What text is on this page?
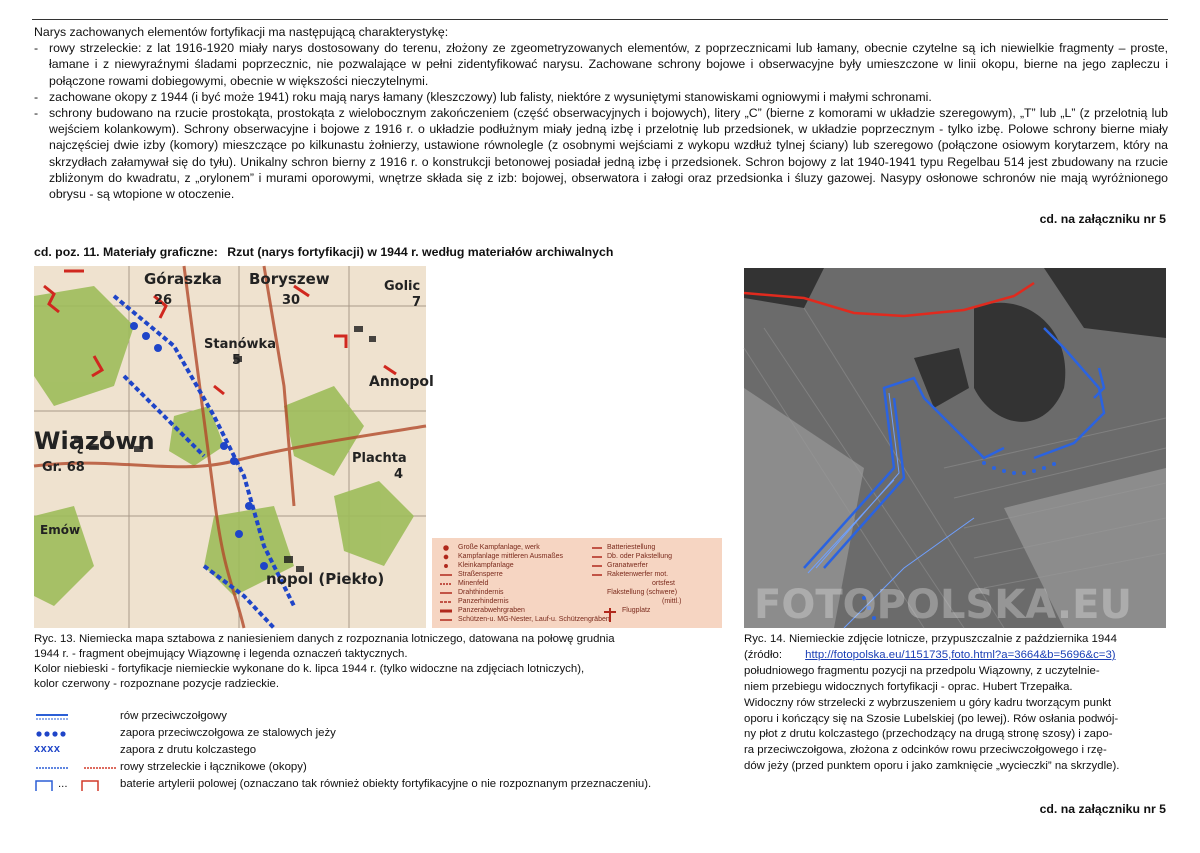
Narys zachowanych elementów fortyfikacji ma następującą charakterystykę:

- rowy strzeleckie: z lat 1916-1920 miały narys dostosowany do terenu, złożony ze zgeometryzowanych elementów, z poprzecznicami lub łamany, obecnie czytelne są ich niewielkie fragmenty – proste, łamane i z niewyraźnymi śladami poprzecznic, nie pozwalające w pełni zidentyfikować narysu. Zachowane schrony bojowe i obserwacyjne były umieszczone w linii okopu, bierne na jego zapleczu i połączone rowami dobiegowymi, obecnie w większości nieczytelnymi.
- zachowane okopy z 1944 (i być może 1941) roku mają narys łamany (kleszczowy) lub falisty, niektóre z wysuniętymi stanowiskami ogniowymi i małymi schronami.
- schrony budowano na rzucie prostokąta, prostokąta z wielobocznym zakończeniem (część obserwacyjnych i bojowych), litery „C” (bierne z komorami w układzie szeregowym), „T” lub „L” (z przelotnią lub wejściem kolankowym). Schrony obserwacyjne i bojowe z 1916 r. o układzie podłużnym miały jedną izbę i przelotnię lub przedsionek, w układzie poprzecznym - tylko izbę. Polowe schrony bierne miały najczęściej dwie izby (komory) mieszczące po kilkunastu żołnierzy, ustawione równolegle (z osobnymi wejściami z wykopu wzdłuż tylnej ściany) lub szeregowo (połączone osiowym korytarzem, który na skrzydłach załamywał się do tyłu). Unikalny schron bierny z 1916 r. o konstrukcji betonowej posiadał jedną izbę i przedsionek. Schron bojowy z lat 1940-1941 typu Regelbau 514 jest zbudowany na rzucie zbliżonym do kwadratu, z „orylonem” i murami oporowymi, wnętrze składa się z izb: bojowej, obserwatora i załogi oraz przedsionka i śluzy gazowej. Nasypy osłonowe schronów nie mają wyróżnionego obrysu - są wtopione w otoczenie.
cd. na załączniku nr 5
cd. poz. 11. Materiały graficzne: Rzut (narys fortyfikacji) w 1944 r. według materiałów archiwalnych
Góraszka Boryszew
26	30
Golic
7
Stanówka
5
Annopol
Wiązown
Gr. 68
Plachta
4
nopol (Piekło)
Emów
Große Kampfanlage, werk
Kampfanlage mittleren Ausmaßes
Kleinkampfanlage
Straßensperre
Minenfeld
Drahthindernis
Panzerhindernis
Panzerabwehrgraben
Schützen-u. MG-Nester, Lauf-u. Schützengräben
Batteriestellung
Db. oder Pakstellung
Granatwerfer
Raketenwerfer mot.
ortsfest
Flakstellung (schwere)
(mittl.)
Flugplatz	FOTOPOLSKA.EU

Ryc. 13. Niemiecka mapa sztabowa z naniesieniem danych z rozpoznania lotniczego, datowana na połowę grudnia

1944 r. - fragment obejmujący Wiązownę i legenda oznaczeń taktycznych.

Kolor niebieski - fortyfikacje niemieckie wykonane do k. lipca 1944 r. (tylko widoczne na zdjęciach lotniczych),

kolor czerwony - rozpoznane pozycje radzieckie.

rów przeciwczołgowy
zapora przeciwczołgowa ze stalowych jeży
xxxx	zapora z drutu kolczastego
rowy strzeleckie i łącznikowe (okopy)
...	baterie artylerii polowej (oznaczano tak również obiekty fortyfikacyjne o nie rozpoznanym przeznaczeniu).

Ryc. 14. Niemieckie zdjęcie lotnicze, przypuszczalnie z października 1944

(źródło: http://fotopolska.eu/1151735,foto.html?a=3664&b=5696&c=3)

południowego fragmentu pozycji na przedpolu Wiązowny, z uczytelnie-

niem przebiegu widocznych fortyfikacji - oprac. Hubert Trzepałka.

Widoczny rów strzelecki z wybrzuszeniem u góry kadru tworzącym punkt

oporu i kończący się na Szosie Lubelskiej (po lewej). Rów osłania podwój-

ny płot z drutu kolczastego (przechodzący na drugą stronę szosy) i zapo-

ra przeciwczołgowa, złożona z odcinków rowu przeciwczołgowego i rzę-

dów jeży (przed punktem oporu i jako zamknięcie „wycieczki” na skrzydle).

cd. na załączniku nr 5
